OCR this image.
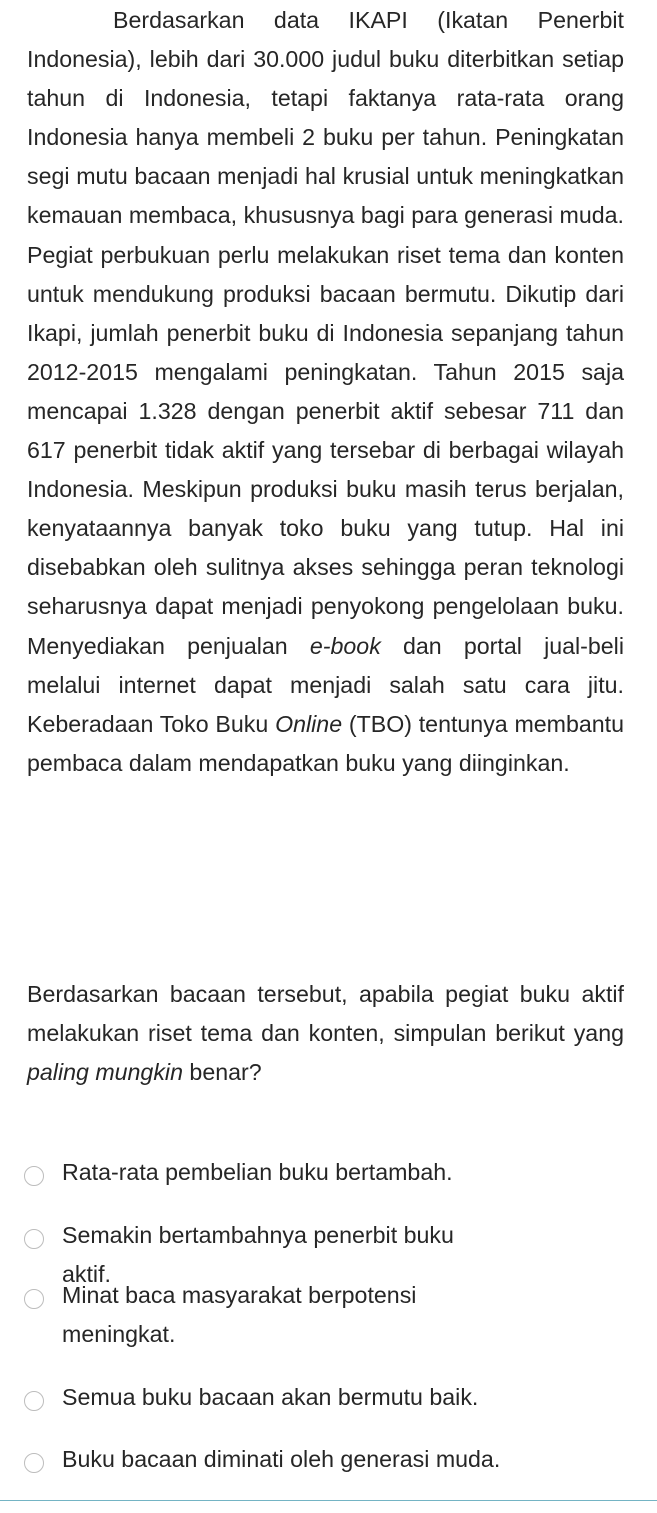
Berdasarkan data IKAPI (Ikatan Penerbit Indonesia), lebih dari 30.000 judul buku diterbitkan setiap tahun di Indonesia, tetapi faktanya rata-rata orang Indonesia hanya membeli 2 buku per tahun. Peningkatan segi mutu bacaan menjadi hal krusial untuk meningkatkan kemauan membaca, khususnya bagi para generasi muda. Pegiat perbukuan perlu melakukan riset tema dan konten untuk mendukung produksi bacaan bermutu. Dikutip dari Ikapi, jumlah penerbit buku di Indonesia sepanjang tahun 2012-2015 mengalami peningkatan. Tahun 2015 saja mencapai 1.328 dengan penerbit aktif sebesar 711 dan 617 penerbit tidak aktif yang tersebar di berbagai wilayah Indonesia. Meskipun produksi buku masih terus berjalan, kenyataannya banyak toko buku yang tutup. Hal ini disebabkan oleh sulitnya akses sehingga peran teknologi seharusnya dapat menjadi penyokong pengelolaan buku. Menyediakan penjualan e-book dan portal jual-beli melalui internet dapat menjadi salah satu cara jitu. Keberadaan Toko Buku Online (TBO) tentunya membantu pembaca dalam mendapatkan buku yang diinginkan.

Berdasarkan bacaan tersebut, apabila pegiat buku aktif melakukan riset tema dan konten, simpulan berikut yang paling mungkin benar?

Rata-rata pembelian buku bertambah.
Semakin bertambahnya penerbit buku aktif.
Minat baca masyarakat berpotensi meningkat.
Semua buku bacaan akan bermutu baik.
Buku bacaan diminati oleh generasi muda.
